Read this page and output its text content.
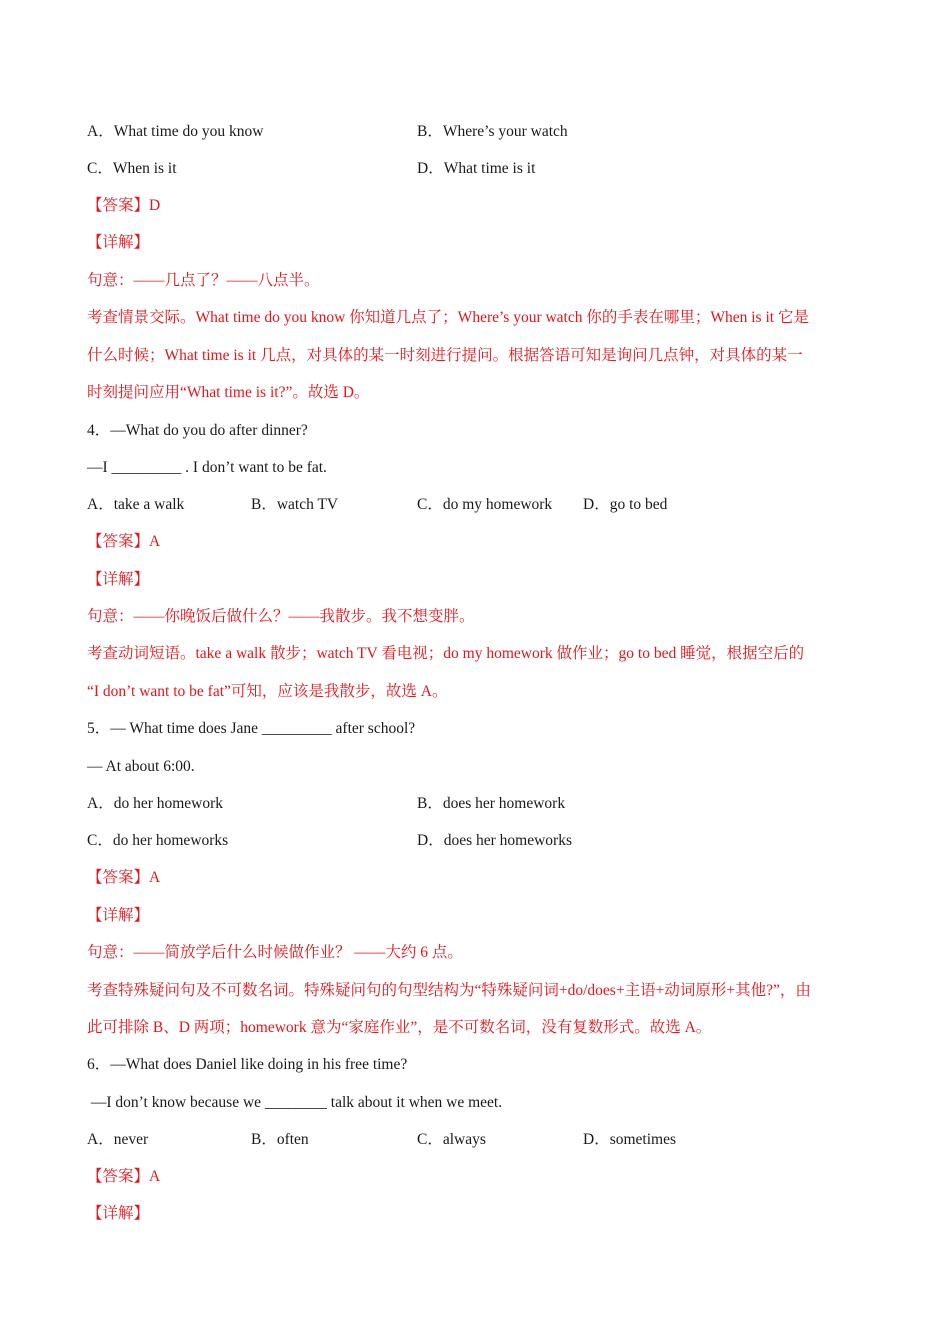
A．What time do you know	B．Where’s your watch
C．When is it	D．What time is it
【答案】D
【详解】
句意：——几点了？——八点半。
考查情景交际。What time do you know 你知道几点了；Where’s your watch 你的手表在哪里；When is it 它是
什么时候；What time is it 几点，对具体的某一时刻进行提问。根据答语可知是询问几点钟，对具体的某一
时刻提问应用“What time is it?”。故选 D。
4．—What do you do after dinner?
—I _________ . I don’t want to be fat.
A．take a walk	B．watch TV	C．do my homework D．go to bed
【答案】A
【详解】
句意：——你晚饭后做什么？——我散步。我不想变胖。
考查动词短语。take a walk 散步；watch TV 看电视；do my homework 做作业；go to bed 睡觉，根据空后的
“I don’t want to be fat”可知，应该是我散步，故选 A。
5．— What time does Jane _________ after school?
— At about 6:00.
A．do her homework	B．does her homework
C．do her homeworks	D．does her homeworks
【答案】A
【详解】
句意：——简放学后什么时候做作业？ ——大约 6 点。
考查特殊疑问句及不可数名词。特殊疑问句的句型结构为“特殊疑问词+do/does+主语+动词原形+其他?”，由
此可排除 B、D 两项；homework 意为“家庭作业”，是不可数名词，没有复数形式。故选 A。
6．—What does Daniel like doing in his free time?
—I don’t know because we ________ talk about it when we meet.
A．never	B．often	C．always	D．sometimes
【答案】A
【详解】
